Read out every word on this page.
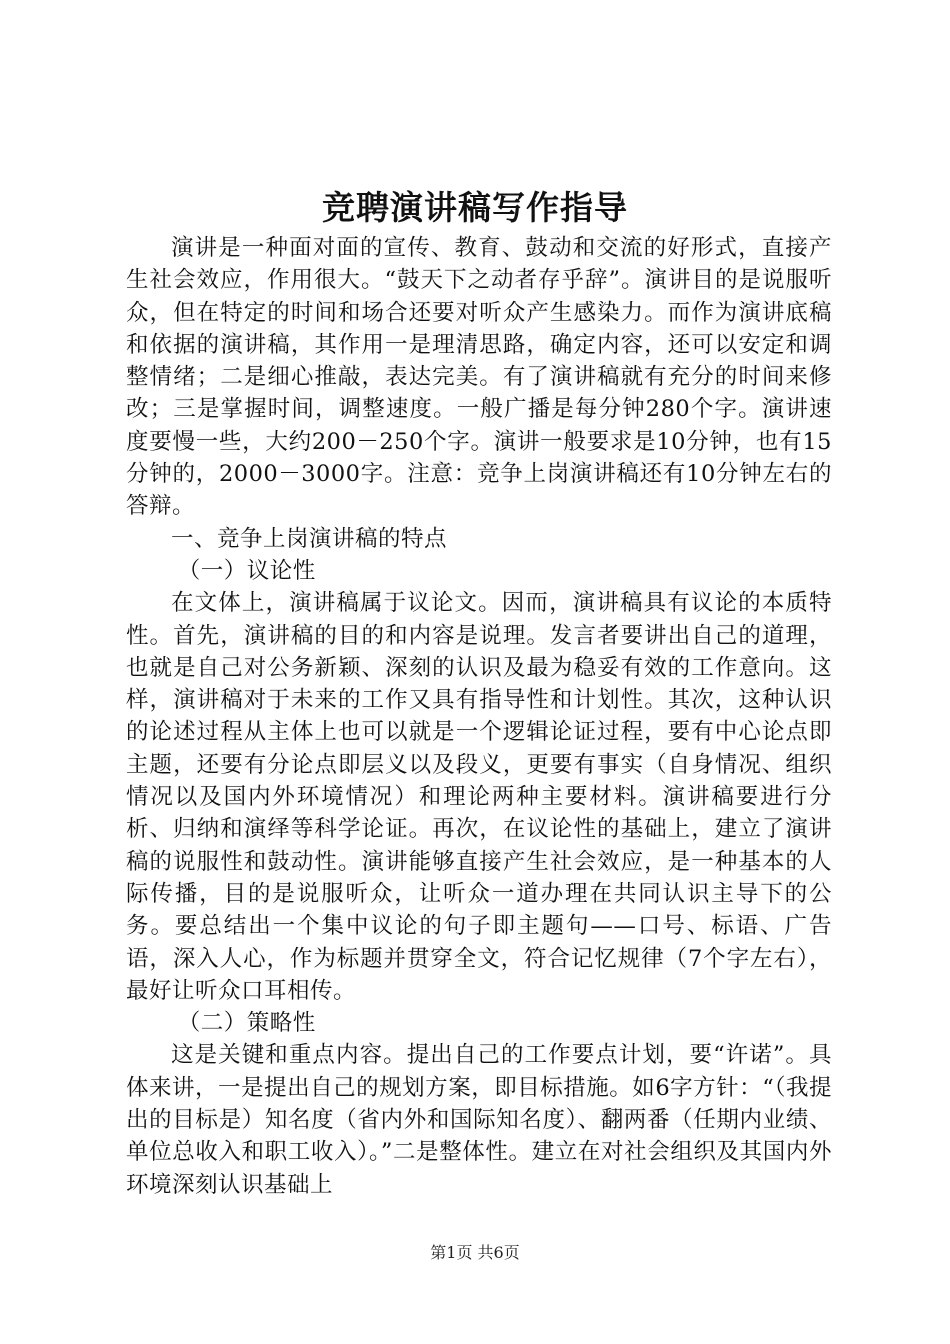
竞聘演讲稿写作指导

演讲是一种面对面的宣传、教育、鼓动和交流的好形式，直接产生社会效应，作用很大。“鼓天下之动者存乎辞”。演讲目的是说服听众，但在特定的时间和场合还要对听众产生感染力。而作为演讲底稿和依据的演讲稿，其作用一是理清思路，确定内容，还可以安定和调整情绪；二是细心推敲，表达完美。有了演讲稿就有充分的时间来修改；三是掌握时间，调整速度。一般广播是每分钟280个字。演讲速度要慢一些，大约200－250个字。演讲一般要求是10分钟，也有15分钟的，2000－3000字。注意：竞争上岗演讲稿还有10分钟左右的答辩。

一、竞争上岗演讲稿的特点

（一）议论性

在文体上，演讲稿属于议论文。因而，演讲稿具有议论的本质特性。首先，演讲稿的目的和内容是说理。发言者要讲出自己的道理，也就是自己对公务新颖、深刻的认识及最为稳妥有效的工作意向。这样，演讲稿对于未来的工作又具有指导性和计划性。其次，这种认识的论述过程从主体上也可以就是一个逻辑论证过程，要有中心论点即主题，还要有分论点即层义以及段义，更要有事实（自身情况、组织情况以及国内外环境情况）和理论两种主要材料。演讲稿要进行分析、归纳和演绎等科学论证。再次，在议论性的基础上，建立了演讲稿的说服性和鼓动性。演讲能够直接产生社会效应，是一种基本的人际传播，目的是说服听众，让听众一道办理在共同认识主导下的公务。要总结出一个集中议论的句子即主题句——口号、标语、广告语，深入人心，作为标题并贯穿全文，符合记忆规律（7个字左右），最好让听众口耳相传。

（二）策略性

这是关键和重点内容。提出自己的工作要点计划，要“许诺”。具体来讲，一是提出自己的规划方案，即目标措施。如6字方针：“（我提出的目标是）知名度（省内外和国际知名度）、翻两番（任期内业绩、单位总收入和职工收入）。”二是整体性。建立在对社会组织及其国内外环境深刻认识基础上

第1页 共6页
